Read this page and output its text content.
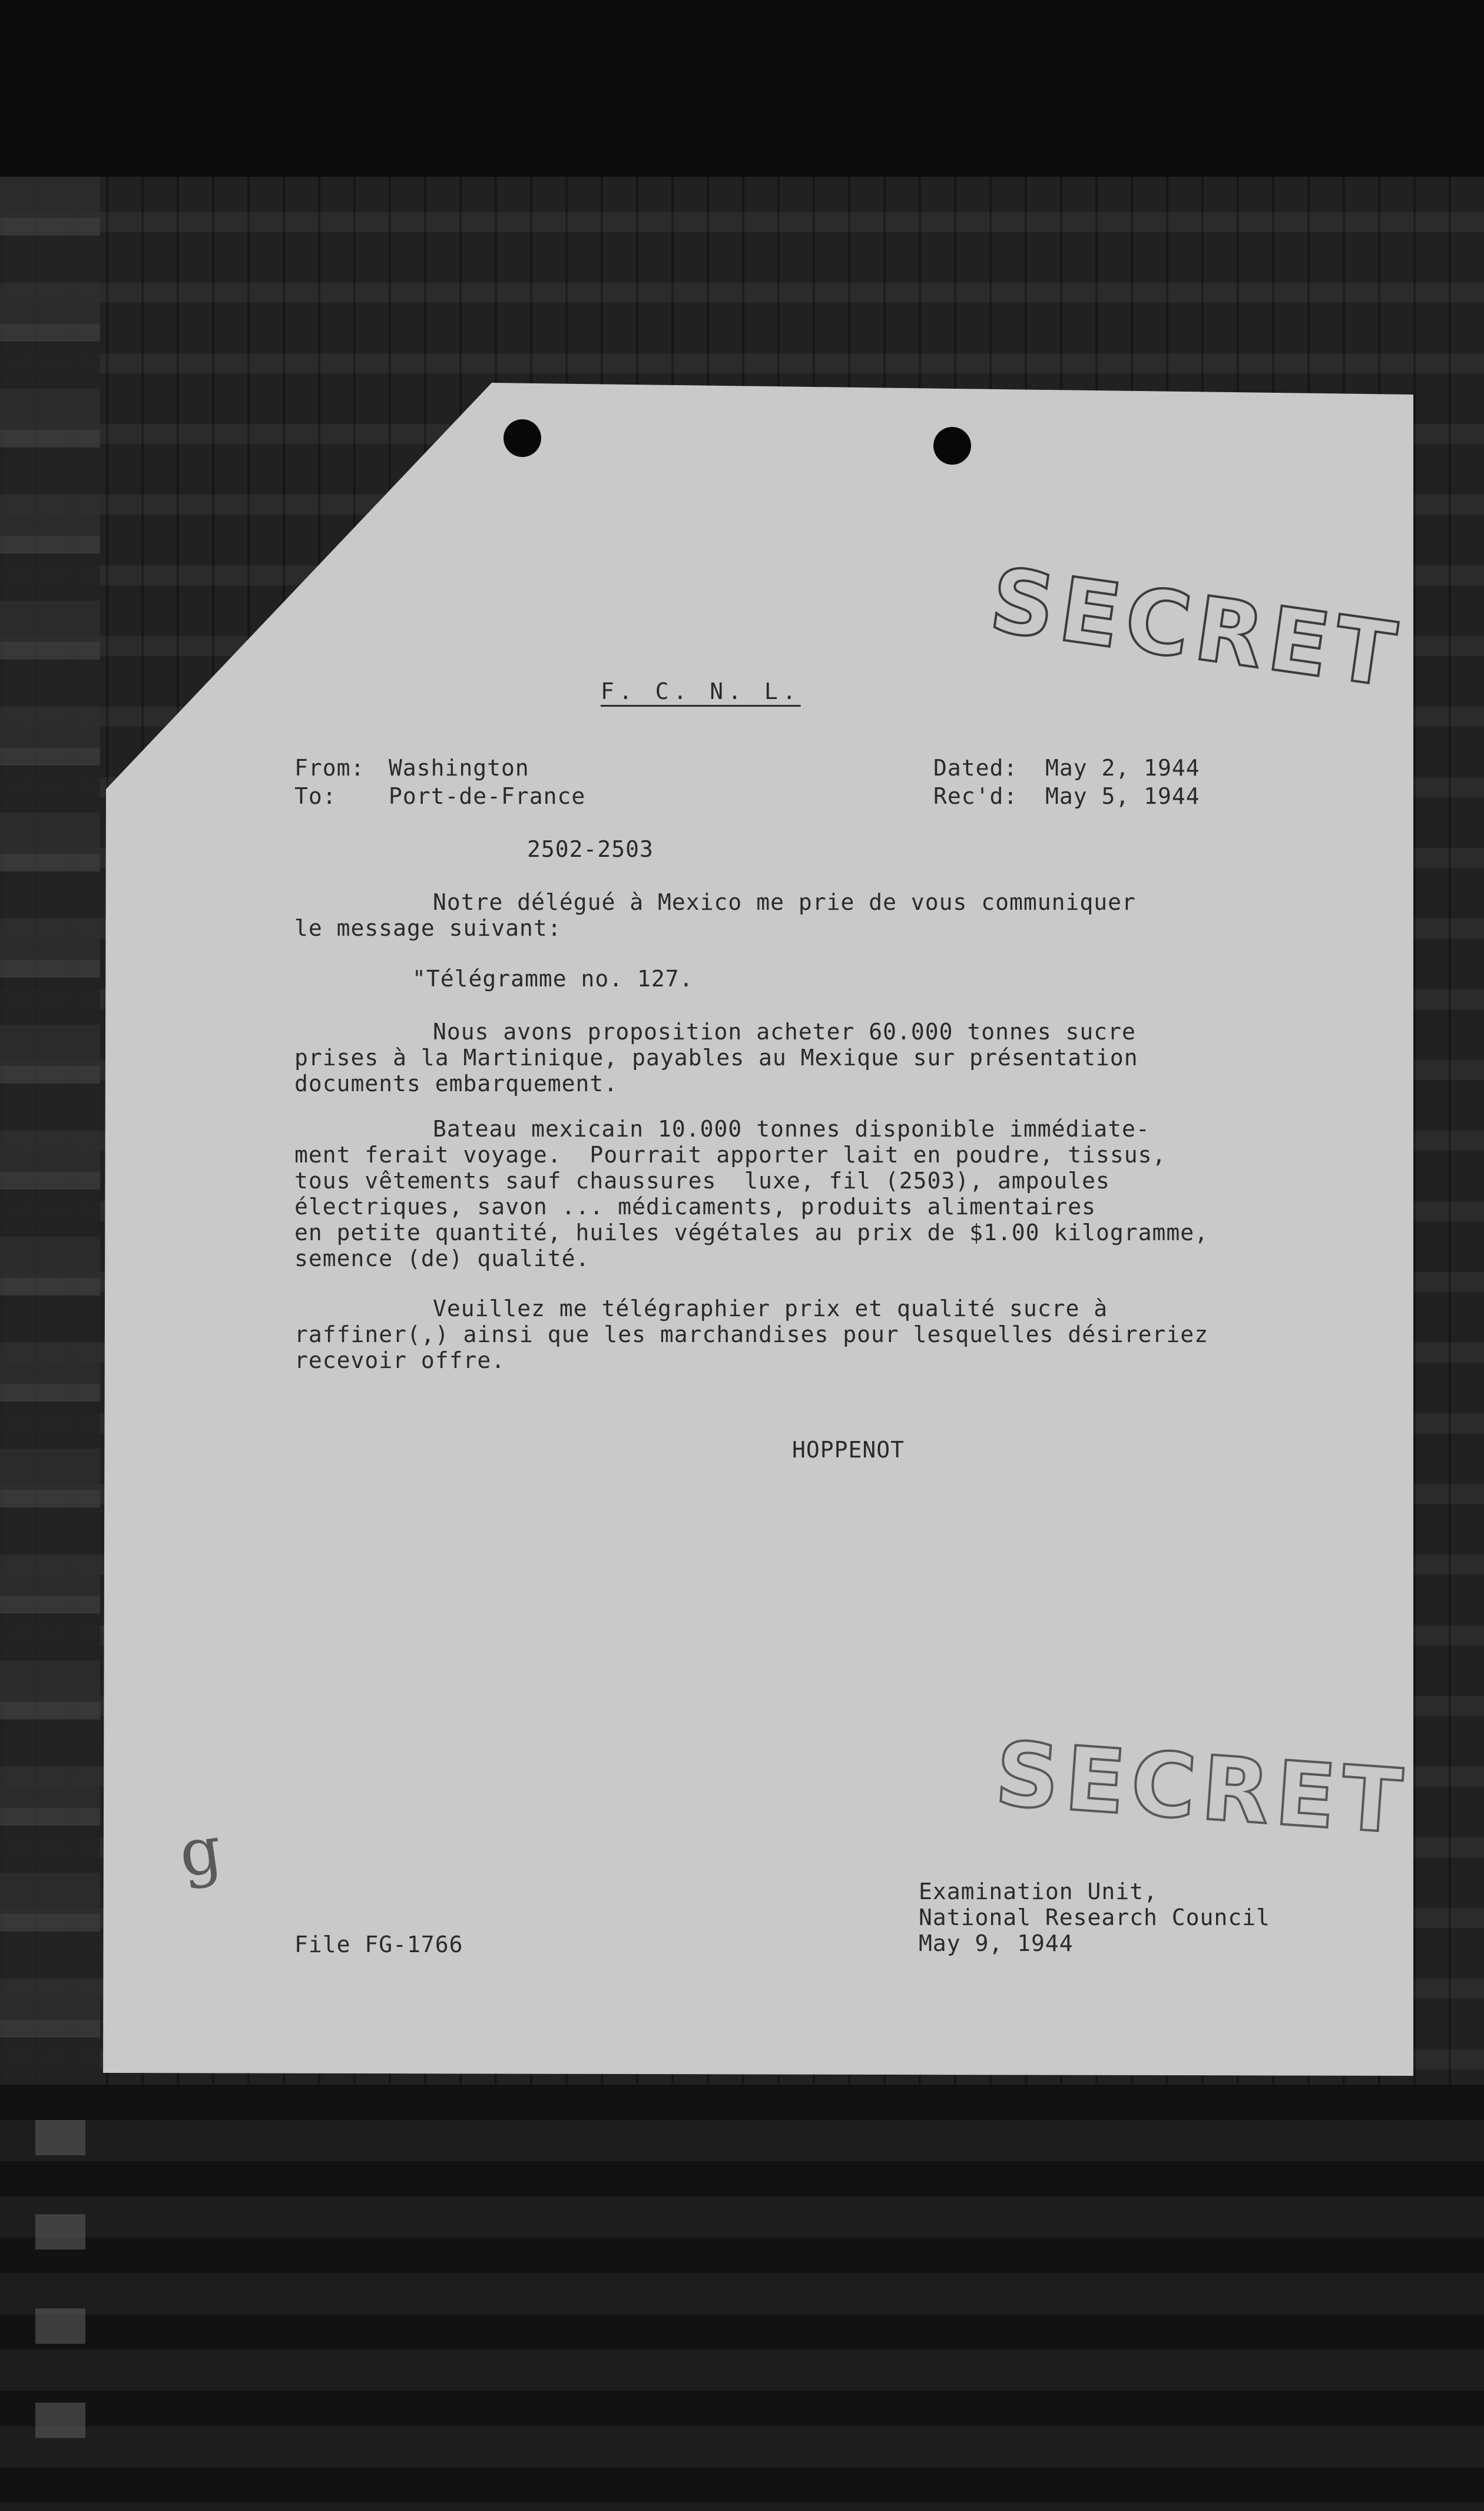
SECRET
F. C. N. L.
From: Washington
To: Port-de-France
Dated: May 2, 1944
Rec'd: May 5, 1944
2502-2503
Notre délégué à Mexico me prie de vous communiquer
le message suivant:
"Télégramme no. 127.
Nous avons proposition acheter 60.000 tonnes sucre
prises à la Martinique, payables au Mexique sur présentation
documents embarquement.
Bateau mexicain 10.000 tonnes disponible immédiate-
ment ferait voyage.  Pourrait apporter lait en poudre, tissus,
tous vêtements sauf chaussures  luxe, fil (2503), ampoules
électriques, savon ... médicaments, produits alimentaires
en petite quantité, huiles végétales au prix de $1.00 kilogramme,
semence (de) qualité.
Veuillez me télégraphier prix et qualité sucre à
raffiner(,) ainsi que les marchandises pour lesquelles désireriez
recevoir offre.
HOPPENOT
SECRET
g	Examination Unit,
National Research Council
May 9, 1944
File FG-1766
